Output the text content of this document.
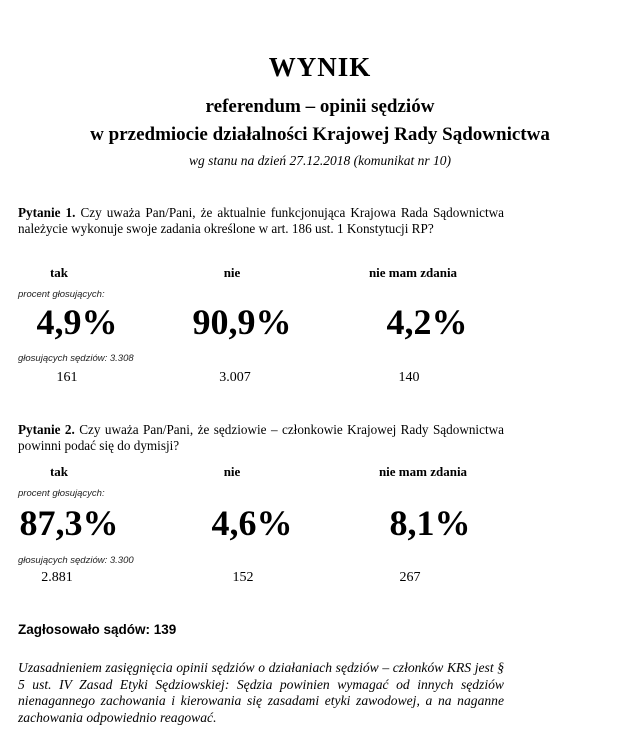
WYNIK
referendum – opinii sędziów
w przedmiocie działalności Krajowej Rady Sądownictwa
wg stanu na dzień 27.12.2018 (komunikat nr 10)
Pytanie 1. Czy uważa Pan/Pani, że aktualnie funkcjonująca Krajowa Rada Sądownictwa należycie wykonuje swoje zadania określone w art. 186 ust. 1 Konstytucji RP?
tak	nie	nie mam zdania
procent głosujących:
4,9%	90,9%	4,2%
głosujących sędziów: 3.308
161	3.007	140
Pytanie 2. Czy uważa Pan/Pani, że sędziowie – członkowie Krajowej Rady Sądownictwa powinni podać się do dymisji?
tak	nie	nie mam zdania
procent głosujących:
87,3%	4,6%	8,1%
głosujących sędziów: 3.300
2.881	152	267
Zagłosowało sądów: 139
Uzasadnieniem zasięgnięcia opinii sędziów o działaniach sędziów – członków KRS jest § 5 ust. IV Zasad Etyki Sędziowskiej: Sędzia powinien wymagać od innych sędziów nienagannego zachowania i kierowania się zasadami etyki zawodowej, a na naganne zachowania odpowiednio reagować.
